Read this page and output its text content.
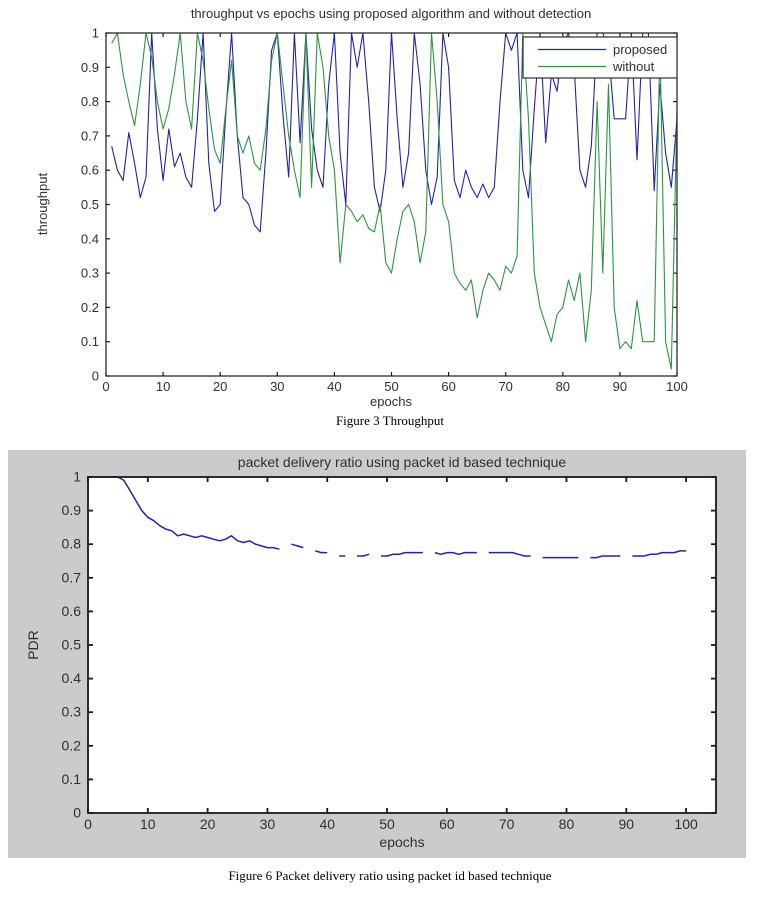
throughput vs epochs using proposed algorithm and without detection
throughput
epochs
0	10	20	30	40	50	60	70	80	90	100
0
0.1
0.2
0.3
0.4
0.5
0.6
0.7
0.8
0.9
1
proposed
without
Figure 3 Throughput
packet delivery ratio using packet id based technique
PDR
epochs
0	10	20	30	40	50	60	70	80	90	100
0
0.1
0.2
0.3
0.4
0.5
0.6
0.7
0.8
0.9
1
Figure 6 Packet delivery ratio using packet id based technique
